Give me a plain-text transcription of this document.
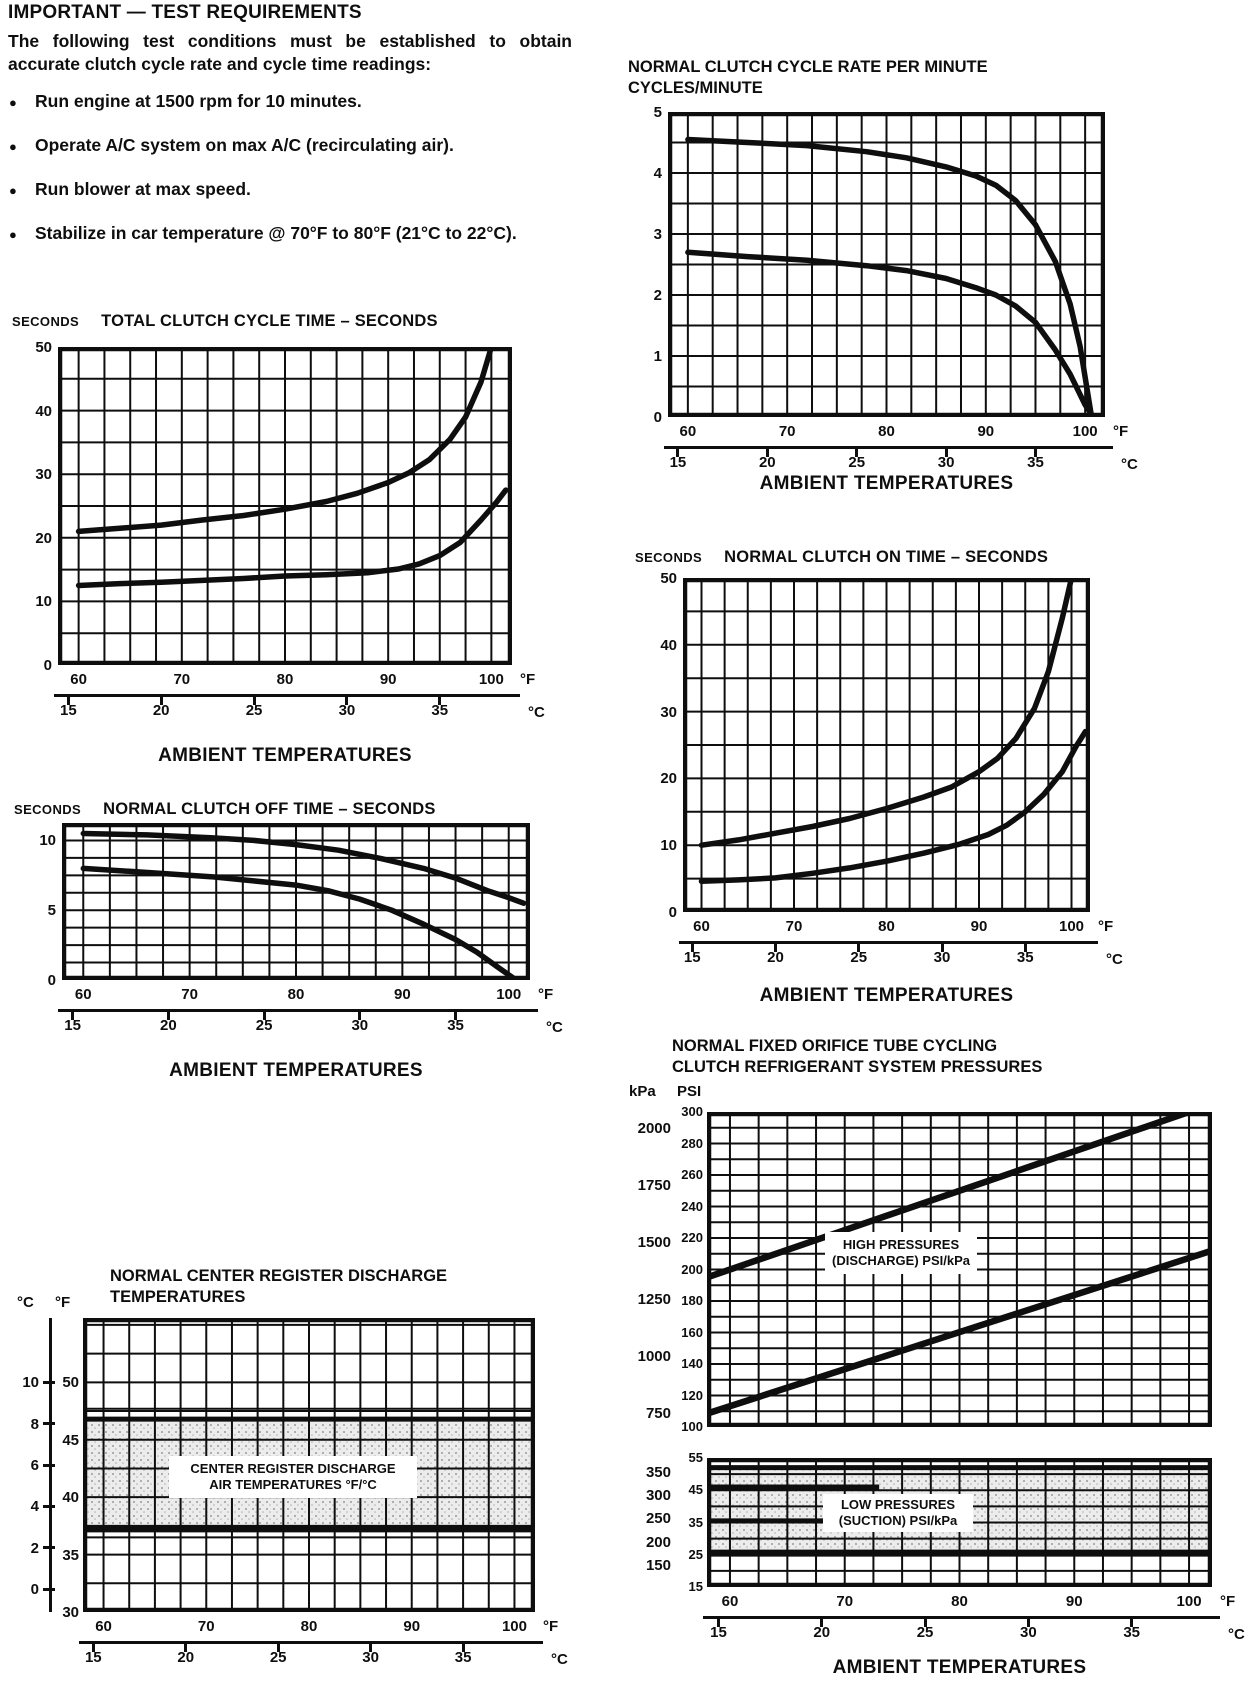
IMPORTANT — TEST REQUIREMENTS

The following test conditions must be established to obtain accurate clutch cycle rate and cycle time readings:

● Run engine at 1500 rpm for 10 minutes.
● Operate A/C system on max A/C (recirculating air).
● Run blower at max speed.
● Stabilize in car temperature @ 70°F to 80°F (21°C to 22°C).
SECONDS TOTAL CLUTCH CYCLE TIME – SECONDS
0
10
20
30
40
50
60	70	80	90	100 °F
15	20	25	30	35	°C
AMBIENT TEMPERATURES
SECONDS NORMAL CLUTCH OFF TIME – SECONDS
0
5
10
60	70	80	90	100 °F
15	20	25	30	35	°C
AMBIENT TEMPERATURES
NORMAL CENTER REGISTER DISCHARGE
TEMPERATURES
°C °F
30
35
40
45
50
0
2
4
6
8
10
CENTER REGISTER DISCHARGE
AIR TEMPERATURES °F/°C
60	70	80	90	100 °F
15	20	25	30	35	°C
NORMAL CLUTCH CYCLE RATE PER MINUTE
CYCLES/MINUTE
0
1
2
3
4
5
60	70	80	90	100 °F
15	20	25	30	35	°C
AMBIENT TEMPERATURES
SECONDS NORMAL CLUTCH ON TIME – SECONDS
0
10
20
30
40
50
60	70	80	90	100 °F
15	20	25	30	35	°C
AMBIENT TEMPERATURES
NORMAL FIXED ORIFICE TUBE CYCLING
CLUTCH REFRIGERANT SYSTEM PRESSURES
kPa PSI
300
280
260
240
220
200
180
160
140
120
100
2000
1750
1500
1250
1000
750
55
45
35
25
15
350
300
250
200
150
HIGH PRESSURES
(DISCHARGE) PSI/kPa
LOW PRESSURES
(SUCTION) PSI/kPa
60	70	80	90	100 °F
15	20	25	30	35	°C
AMBIENT TEMPERATURES
